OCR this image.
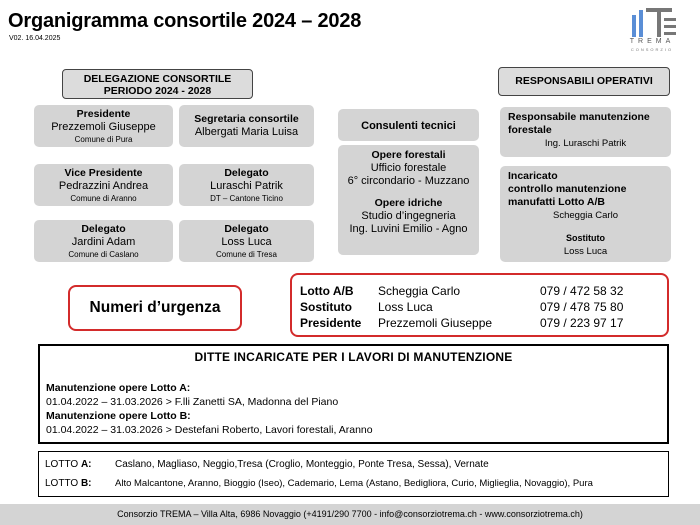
Organigramma consortile 2024 – 2028
V02. 16.04.2025	TREMA
CONSORZIO
DELEGAZIONE CONSORTILE
PERIODO 2024 - 2028
Presidente
Prezzemoli Giuseppe
Comune di Pura
Segretaria consortile
Albergati Maria Luisa
Vice Presidente
Pedrazzini Andrea
Comune di Aranno
Delegato
Luraschi Patrik
DT – Cantone Ticino
Delegato
Jardini Adam
Comune di Caslano
Delegato
Loss Luca
Comune di Tresa
Consulenti tecnici
Opere forestali
Ufficio forestale
6° circondario - Muzzano
Opere idriche
Studio d’ingegneria
Ing. Luvini Emilio - Agno
RESPONSABILI OPERATIVI
Responsabile manutenzione
forestale
Ing. Luraschi Patrik
Incaricato
controllo manutenzione
manufatti Lotto A/B
Scheggia Carlo
Sostituto
Loss Luca
Numeri d’urgenza
Lotto A/B Scheggia Carlo	079 / 472 58 32
Sostituto Loss Luca	079 / 478 75 80
Presidente Prezzemoli Giuseppe	079 / 223 97 17
DITTE INCARICATE PER I LAVORI DI MANUTENZIONE
Manutenzione opere Lotto A:
01.04.2022 – 31.03.2026 > F.lli Zanetti SA, Madonna del Piano
Manutenzione opere Lotto B:
01.04.2022 – 31.03.2026 > Destefani Roberto, Lavori forestali, Aranno
LOTTO A: Caslano, Magliaso, Neggio,Tresa (Croglio, Monteggio, Ponte Tresa, Sessa), Vernate
LOTTO B: Alto Malcantone, Aranno, Bioggio (Iseo), Cademario, Lema (Astano, Bedigliora, Curio, Miglieglia, Novaggio), Pura
Consorzio TREMA – Villa Alta, 6986 Novaggio (+4191/290 7700 - info@consorziotrema.ch - www.consorziotrema.ch)
